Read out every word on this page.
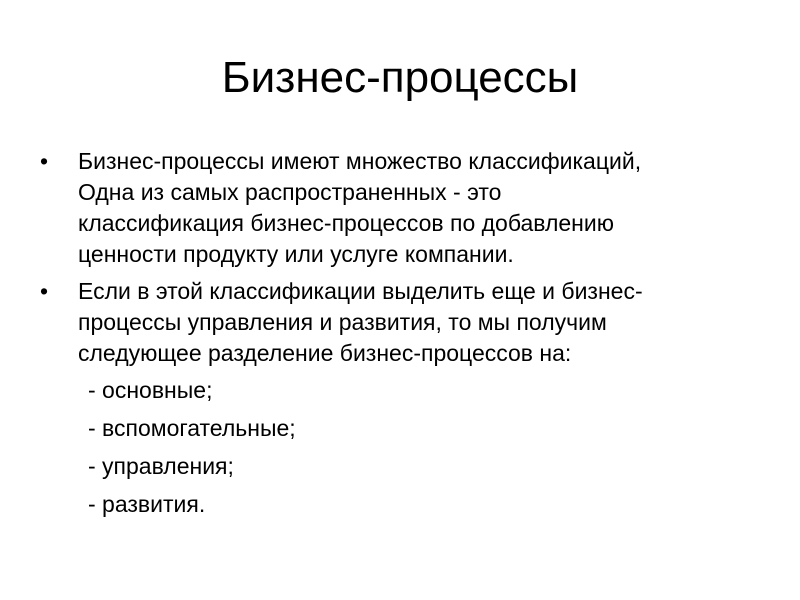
Бизнес-процессы
•	Бизнес-процессы имеют множество классификаций,
Одна из самых распространенных - это
классификация бизнес-процессов по добавлению
ценности продукту или услуге компании.
•	Если в этой классификации выделить еще и бизнес-
процессы управления и развития, то мы получим
следующее разделение бизнес-процессов на:
- основные;
- вспомогательные;
- управления;
- развития.
